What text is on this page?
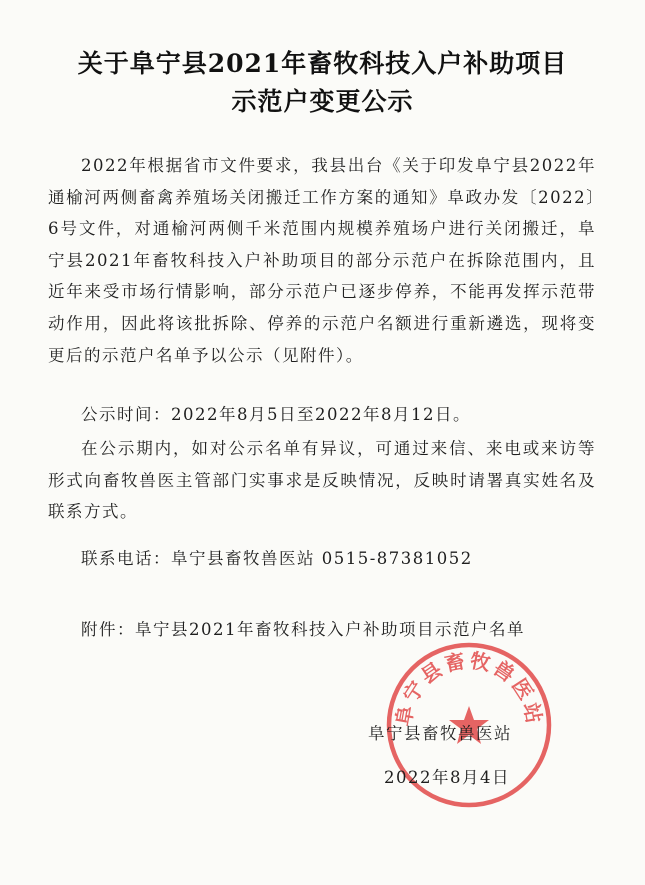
关于阜宁县2021年畜牧科技入户补助项目
示范户变更公示
2022年根据省市文件要求，我县出台《关于印发阜宁县2022年通榆河两侧畜禽养殖场关闭搬迁工作方案的通知》阜政办发〔2022〕6号文件，对通榆河两侧千米范围内规模养殖场户进行关闭搬迁，阜宁县2021年畜牧科技入户补助项目的部分示范户在拆除范围内，且近年来受市场行情影响，部分示范户已逐步停养，不能再发挥示范带动作用，因此将该批拆除、停养的示范户名额进行重新遴选，现将变更后的示范户名单予以公示（见附件）。
公示时间：2022年8月5日至2022年8月12日。
在公示期内，如对公示名单有异议，可通过来信、来电或来访等形式向畜牧兽医主管部门实事求是反映情况，反映时请署真实姓名及联系方式。
联系电话：阜宁县畜牧兽医站 0515-87381052
附件：阜宁县2021年畜牧科技入户补助项目示范户名单
阜宁县畜牧兽医站
阜宁县畜牧兽医站
2022年8月4日
